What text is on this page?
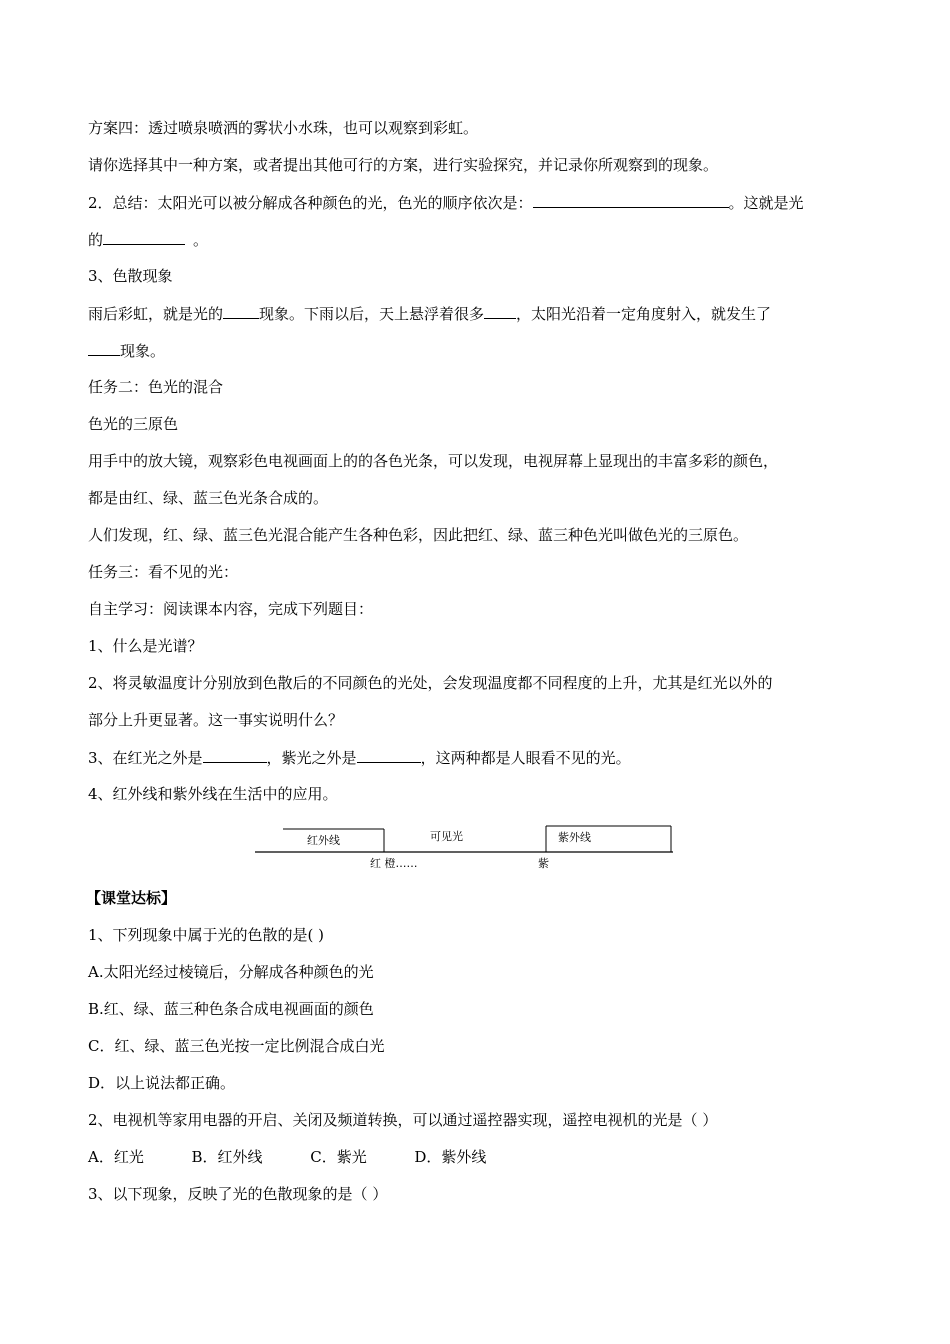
方案四：透过喷泉喷洒的雾状小水珠，也可以观察到彩虹。
请你选择其中一种方案，或者提出其他可行的方案，进行实验探究，并记录你所观察到的现象。
2．总结：太阳光可以被分解成各种颜色的光，色光的顺序依次是：	。这就是光
的	。
3、色散现象
雨后彩虹，就是光的 现象。下雨以后，天上悬浮着很多 ，太阳光沿着一定角度射入，就发生了
现象。
任务二：色光的混合
色光的三原色
用手中的放大镜，观察彩色电视画面上的的各色光条，可以发现，电视屏幕上显现出的丰富多彩的颜色，
都是由红、绿、蓝三色光条合成的。
人们发现，红、绿、蓝三色光混合能产生各种色彩，因此把红、绿、蓝三种色光叫做色光的三原色。
任务三：看不见的光：
自主学习：阅读课本内容，完成下列题目：
1、什么是光谱？
2、将灵敏温度计分别放到色散后的不同颜色的光处，会发现温度都不同程度的上升，尤其是红光以外的
部分上升更显著。这一事实说明什么？
3、在红光之外是	，紫光之外是	，这两种都是人眼看不见的光。
4、红外线和紫外线在生活中的应用。
红外线	可见光	紫外线
红 橙……	紫
【课堂达标】
1、下列现象中属于光的色散的是( )
A.太阳光经过棱镜后，分解成各种颜色的光
B.红、绿、蓝三种色条合成电视画面的颜色
C．红、绿、蓝三色光按一定比例混合成白光
D．以上说法都正确。
2、电视机等家用电器的开启、关闭及频道转换，可以通过遥控器实现，遥控电视机的光是（ ）
A．红光          B．红外线          C．紫光          D．紫外线
3、以下现象，反映了光的色散现象的是（ ）
